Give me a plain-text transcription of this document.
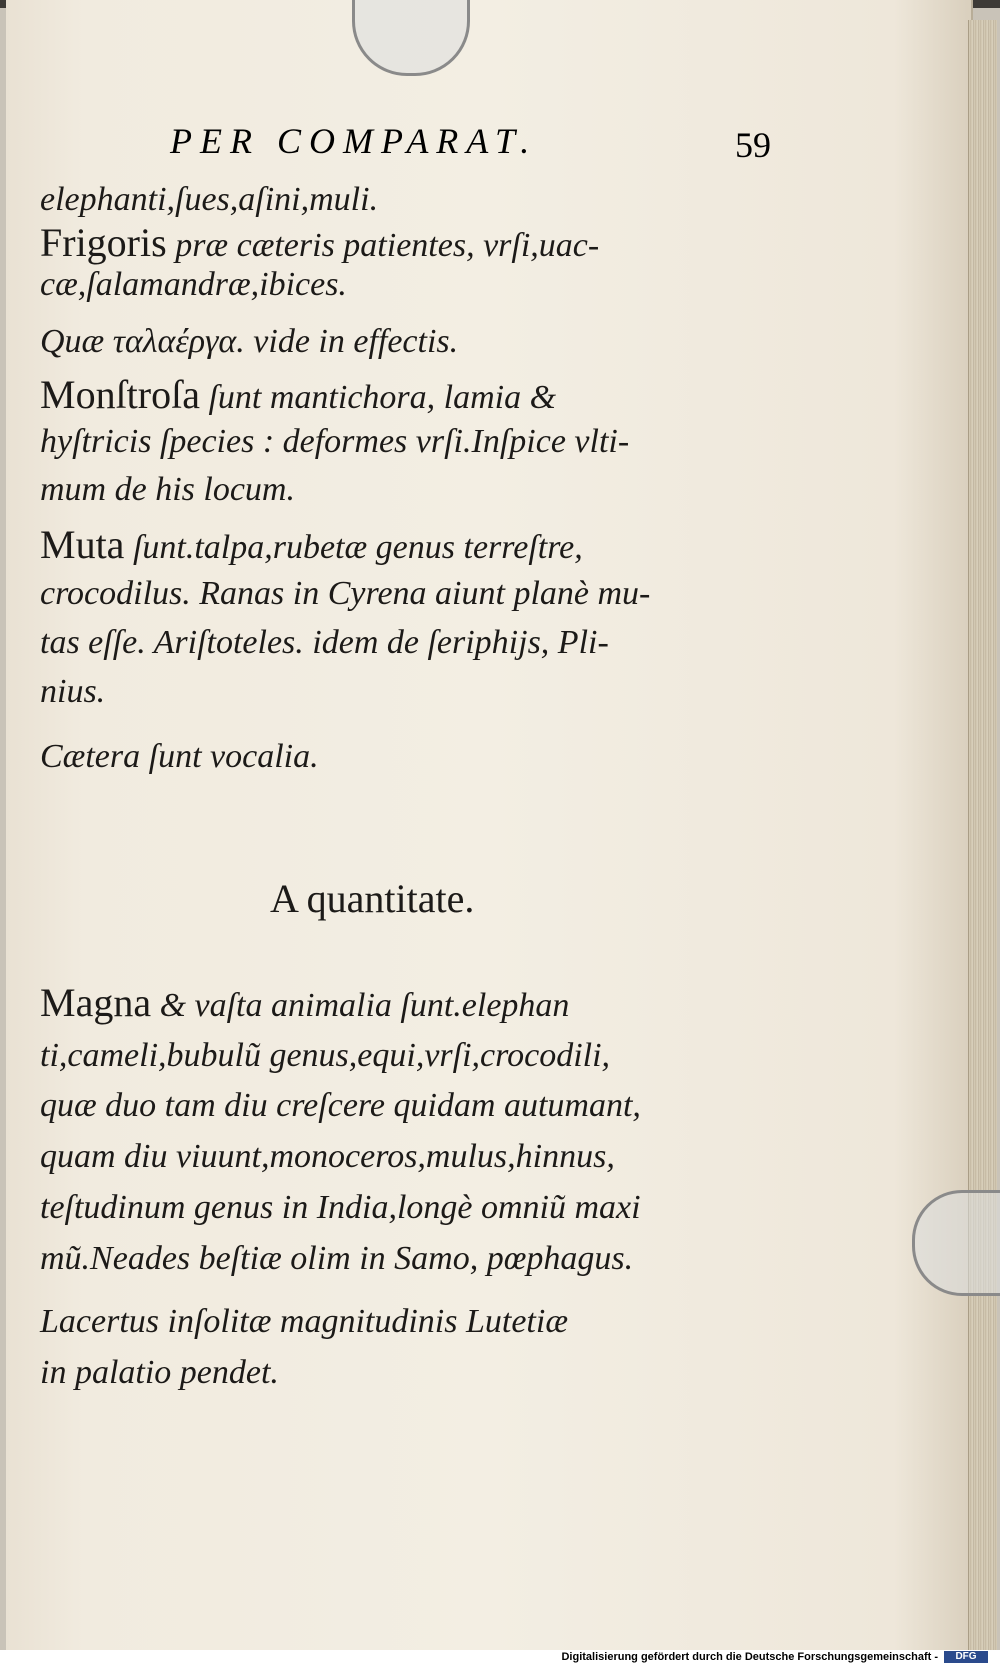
PER COMPARAT.	59
elephanti,ſues,aſini,muli.
Frigoris præ cæteris patientes, vrſi,uac-
cæ,ſalamandræ,ibices.
Quæ ταλαέργα. vide in effectis.
Monſtroſa ſunt mantichora, lamia &
hyſtricis ſpecies : deformes vrſi.Inſpice vlti-
mum de his locum.
Muta ſunt.talpa,rubetæ genus terreſtre,
crocodilus. Ranas in Cyrena aiunt planè mu-
tas eſſe. Ariſtoteles. idem de ſeriphijs, Pli-
nius.
Cætera ſunt vocalia.
A quantitate.
Magna & vaſta animalia ſunt.elephan
ti,cameli,bubulũ genus,equi,vrſi,crocodili,
quæ duo tam diu creſcere quidam autumant,
quam diu viuunt,monoceros,mulus,hinnus,
teſtudinum genus in India,longè omniũ maxi
mũ.Neades beſtiæ olim in Samo, pœphagus.
Lacertus inſolitæ magnitudinis Lutetiæ
in palatio pendet.
Digitalisierung gefördert durch die Deutsche Forschungsgemeinschaft -	DFG
